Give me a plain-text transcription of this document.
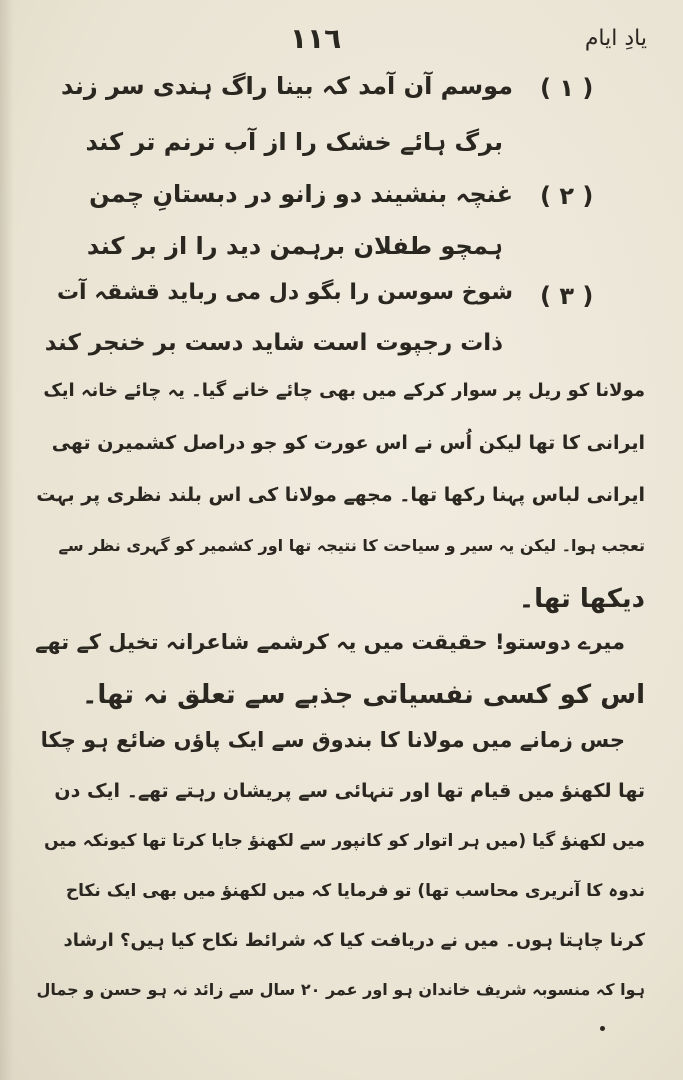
۱۱٦	یادِ ایام
( ۱ )
موسم آن آمد کہ بینا راگ ہندی سر زند
برگ ہائے خشک را از آب ترنم تر کند
( ۲ )
غنچہ بنشیند دو زانو در دبستانِ چمن
ہمچو طفلان برہمن دید را از بر کند
( ۳ )
شوخ سوسن را بگو دل می رباید قشقہ آت
ذات رجپوت است شاید دست بر خنجر کند
مولانا کو ریل پر سوار کرکے میں بھی چائے خانے گیا۔ یہ چائے خانہ ایک
ایرانی کا تھا لیکن اُس نے اس عورت کو جو دراصل کشمیرن تھی
ایرانی لباس پہنا رکھا تھا۔ مجھے مولانا کی اس بلند نظری پر بہت
تعجب ہوا۔ لیکن یہ سیر و سیاحت کا نتیجہ تھا اور کشمیر کو گہری نظر سے
دیکھا تھا۔
میرے دوستو! حقیقت میں یہ کرشمے شاعرانہ تخیل کے تھے
اس کو کسی نفسیاتی جذبے سے تعلق نہ تھا۔
جس زمانے میں مولانا کا بندوق سے ایک پاؤں ضائع ہو چکا
تھا لکھنؤ میں قیام تھا اور تنہائی سے پریشان رہتے تھے۔ ایک دن
میں لکھنؤ گیا (میں ہر اتوار کو کانپور سے لکھنؤ جایا کرتا تھا کیونکہ میں
ندوہ کا آنریری محاسب تھا) تو فرمایا کہ میں لکھنؤ میں بھی ایک نکاح
کرنا چاہتا ہوں۔ میں نے دریافت کیا کہ شرائط نکاح کیا ہیں؟ ارشاد
ہوا کہ منسوبہ شریف خاندان ہو اور عمر ۲۰ سال سے زائد نہ ہو حسن و جمال
